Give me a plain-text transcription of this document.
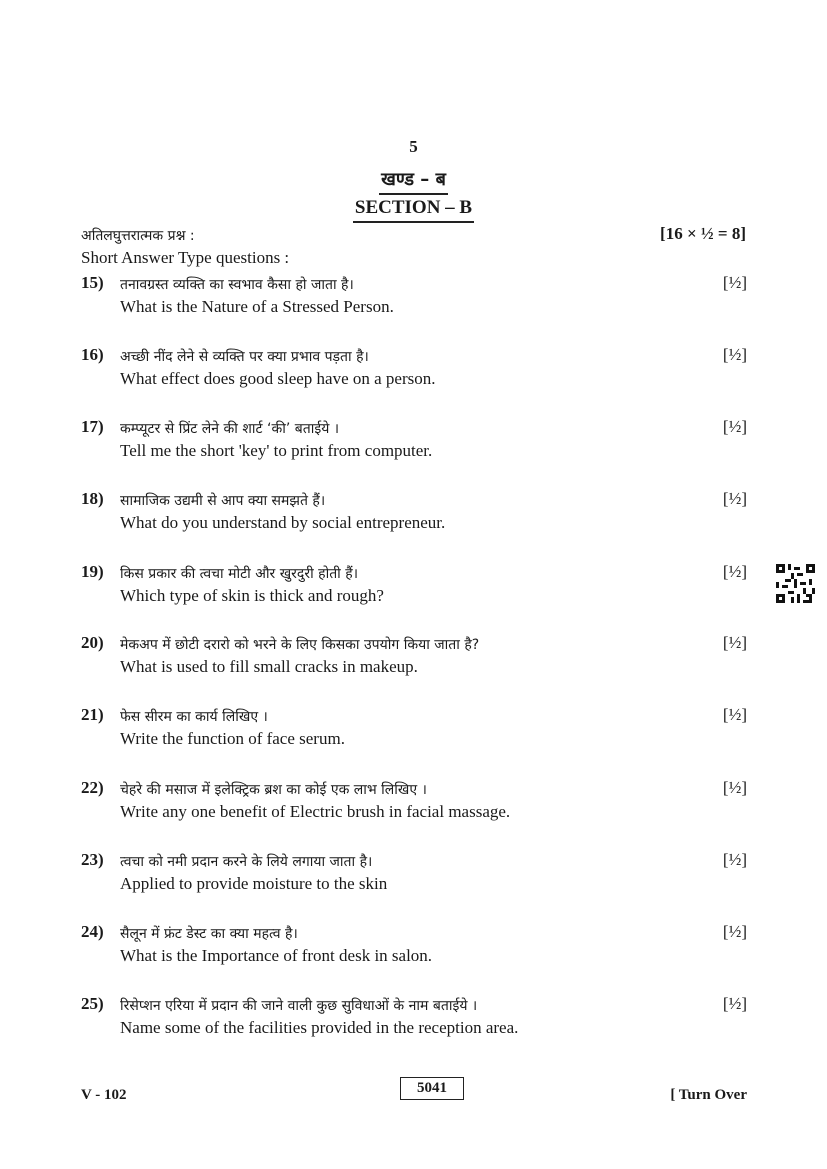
5
खण्ड – ब
SECTION – B
अतिलघुत्तरात्मक प्रश्न :	[16 × ½ = 8]
Short Answer Type questions :
15) तनावग्रस्त व्यक्ति का स्वभाव कैसा हो जाता है।	[½]
What is the Nature of a Stressed Person.
16) अच्छी नींद लेने से व्यक्ति पर क्या प्रभाव पड़ता है।	[½]
What effect does good sleep have on a person.
17) कम्प्यूटर से प्रिंट लेने की शार्ट ‘की’ बताईये ।	[½]
Tell me the short 'key' to print from computer.
18) सामाजिक उद्यमी से आप क्या समझते हैं।	[½]
What do you understand by social entrepreneur.
19) किस प्रकार की त्वचा मोटी और खुरदुरी होती हैं।	[½]
Which type of skin is thick and rough?
20) मेकअप में छोटी दरारो को भरने के लिए किसका उपयोग किया जाता है?	[½]
What is used to fill small cracks in makeup.
21) फेस सीरम का कार्य लिखिए ।	[½]
Write the function of face serum.
22) चेहरे की मसाज में इलेक्ट्रिक ब्रश का कोई एक लाभ लिखिए ।	[½]
Write any one benefit of Electric brush in facial massage.
23) त्वचा को नमी प्रदान करने के लिये लगाया जाता है।	[½]
Applied to provide moisture to the skin
24) सैलून में फ्रंट डेस्ट का क्या महत्व है।	[½]
What is the Importance of front desk in salon.
25) रिसेप्शन एरिया में प्रदान की जाने वाली कुछ सुविधाओं के नाम बताईये ।	[½]
Name some of the facilities provided in the reception area.
V - 102	5041	[ Turn Over
